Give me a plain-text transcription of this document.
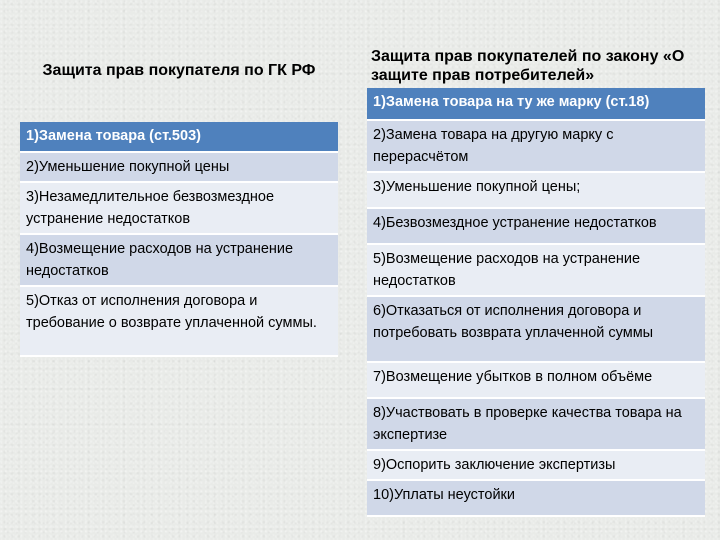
Защита прав покупателя по ГК РФ
Защита прав покупателей по закону «О защите прав потребителей»
1)Замена товара (ст.503)
2)Уменьшение покупной цены
3)Незамедлительное безвозмездное устранение недостатков
4)Возмещение расходов на устранение недостатков
5)Отказ от исполнения договора и требование о возврате уплаченной суммы.
1)Замена товара на ту же марку (ст.18)
2)Замена товара на другую марку с перерасчётом
3)Уменьшение покупной цены;
4)Безвозмездное устранение недостатков
5)Возмещение расходов на устранение недостатков
6)Отказаться от исполнения договора и потребовать возврата уплаченной суммы
7)Возмещение убытков в полном объёме
8)Участвовать в проверке качества товара на экспертизе
9)Оспорить заключение экспертизы
10)Уплаты неустойки
